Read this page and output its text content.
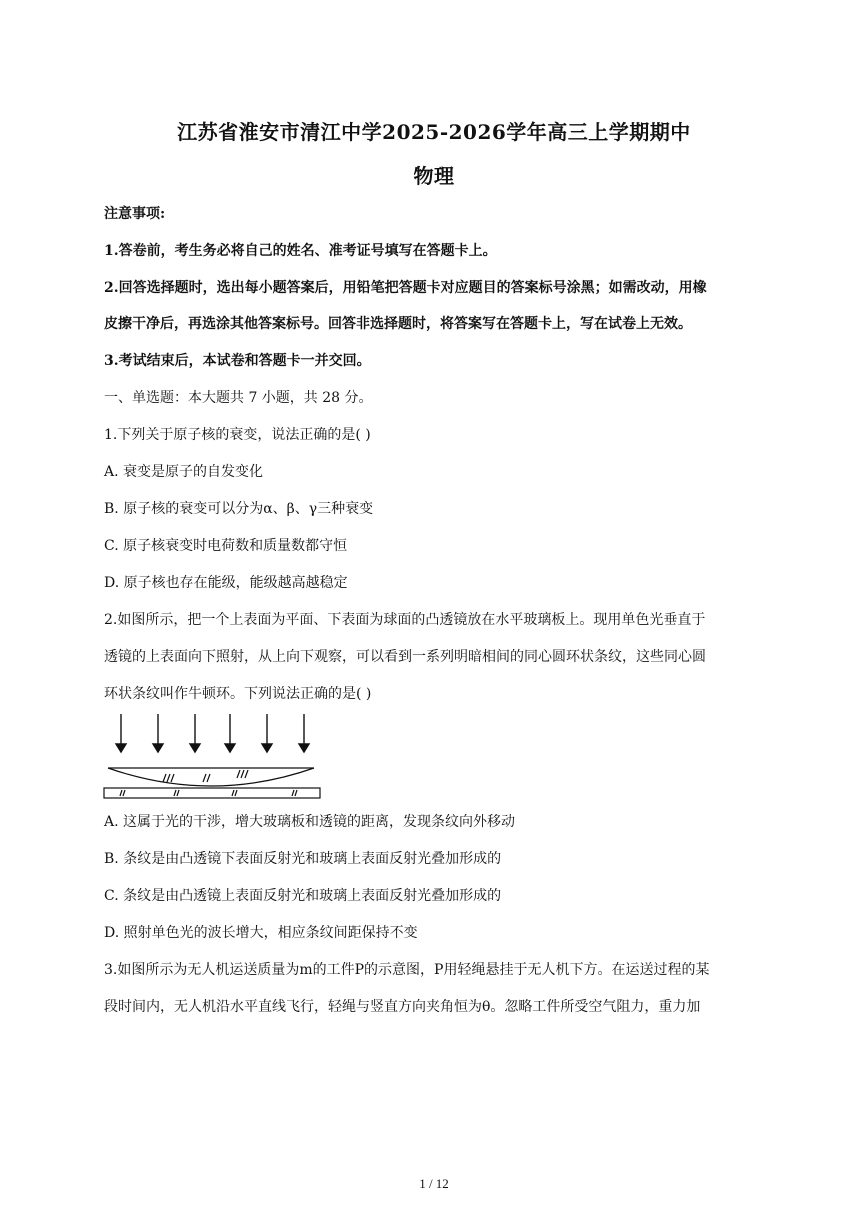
江苏省淮安市清江中学2025-2026学年高三上学期期中
物理
注意事项:
1.答卷前，考生务必将自己的姓名、准考证号填写在答题卡上。
2.回答选择题时，选出每小题答案后，用铅笔把答题卡对应题目的答案标号涂黑；如需改动，用橡
皮擦干净后，再选涂其他答案标号。回答非选择题时，将答案写在答题卡上，写在试卷上无效。
3.考试结束后，本试卷和答题卡一并交回。
一、单选题：本大题共 7 小题，共 28 分。
1.下列关于原子核的衰变，说法正确的是( )
A. 衰变是原子的自发变化
B. 原子核的衰变可以分为α、β、γ三种衰变
C. 原子核衰变时电荷数和质量数都守恒
D. 原子核也存在能级，能级越高越稳定
2.如图所示，把一个上表面为平面、下表面为球面的凸透镜放在水平玻璃板上。现用单色光垂直于
透镜的上表面向下照射，从上向下观察，可以看到一系列明暗相间的同心圆环状条纹，这些同心圆
环状条纹叫作牛顿环。下列说法正确的是( )
A. 这属于光的干涉，增大玻璃板和透镜的距离，发现条纹向外移动
B. 条纹是由凸透镜下表面反射光和玻璃上表面反射光叠加形成的
C. 条纹是由凸透镜上表面反射光和玻璃上表面反射光叠加形成的
D. 照射单色光的波长增大，相应条纹间距保持不变
3.如图所示为无人机运送质量为m的工件P的示意图，P用轻绳悬挂于无人机下方。在运送过程的某
段时间内，无人机沿水平直线飞行，轻绳与竖直方向夹角恒为θ。忽略工件所受空气阻力，重力加
1 / 12
